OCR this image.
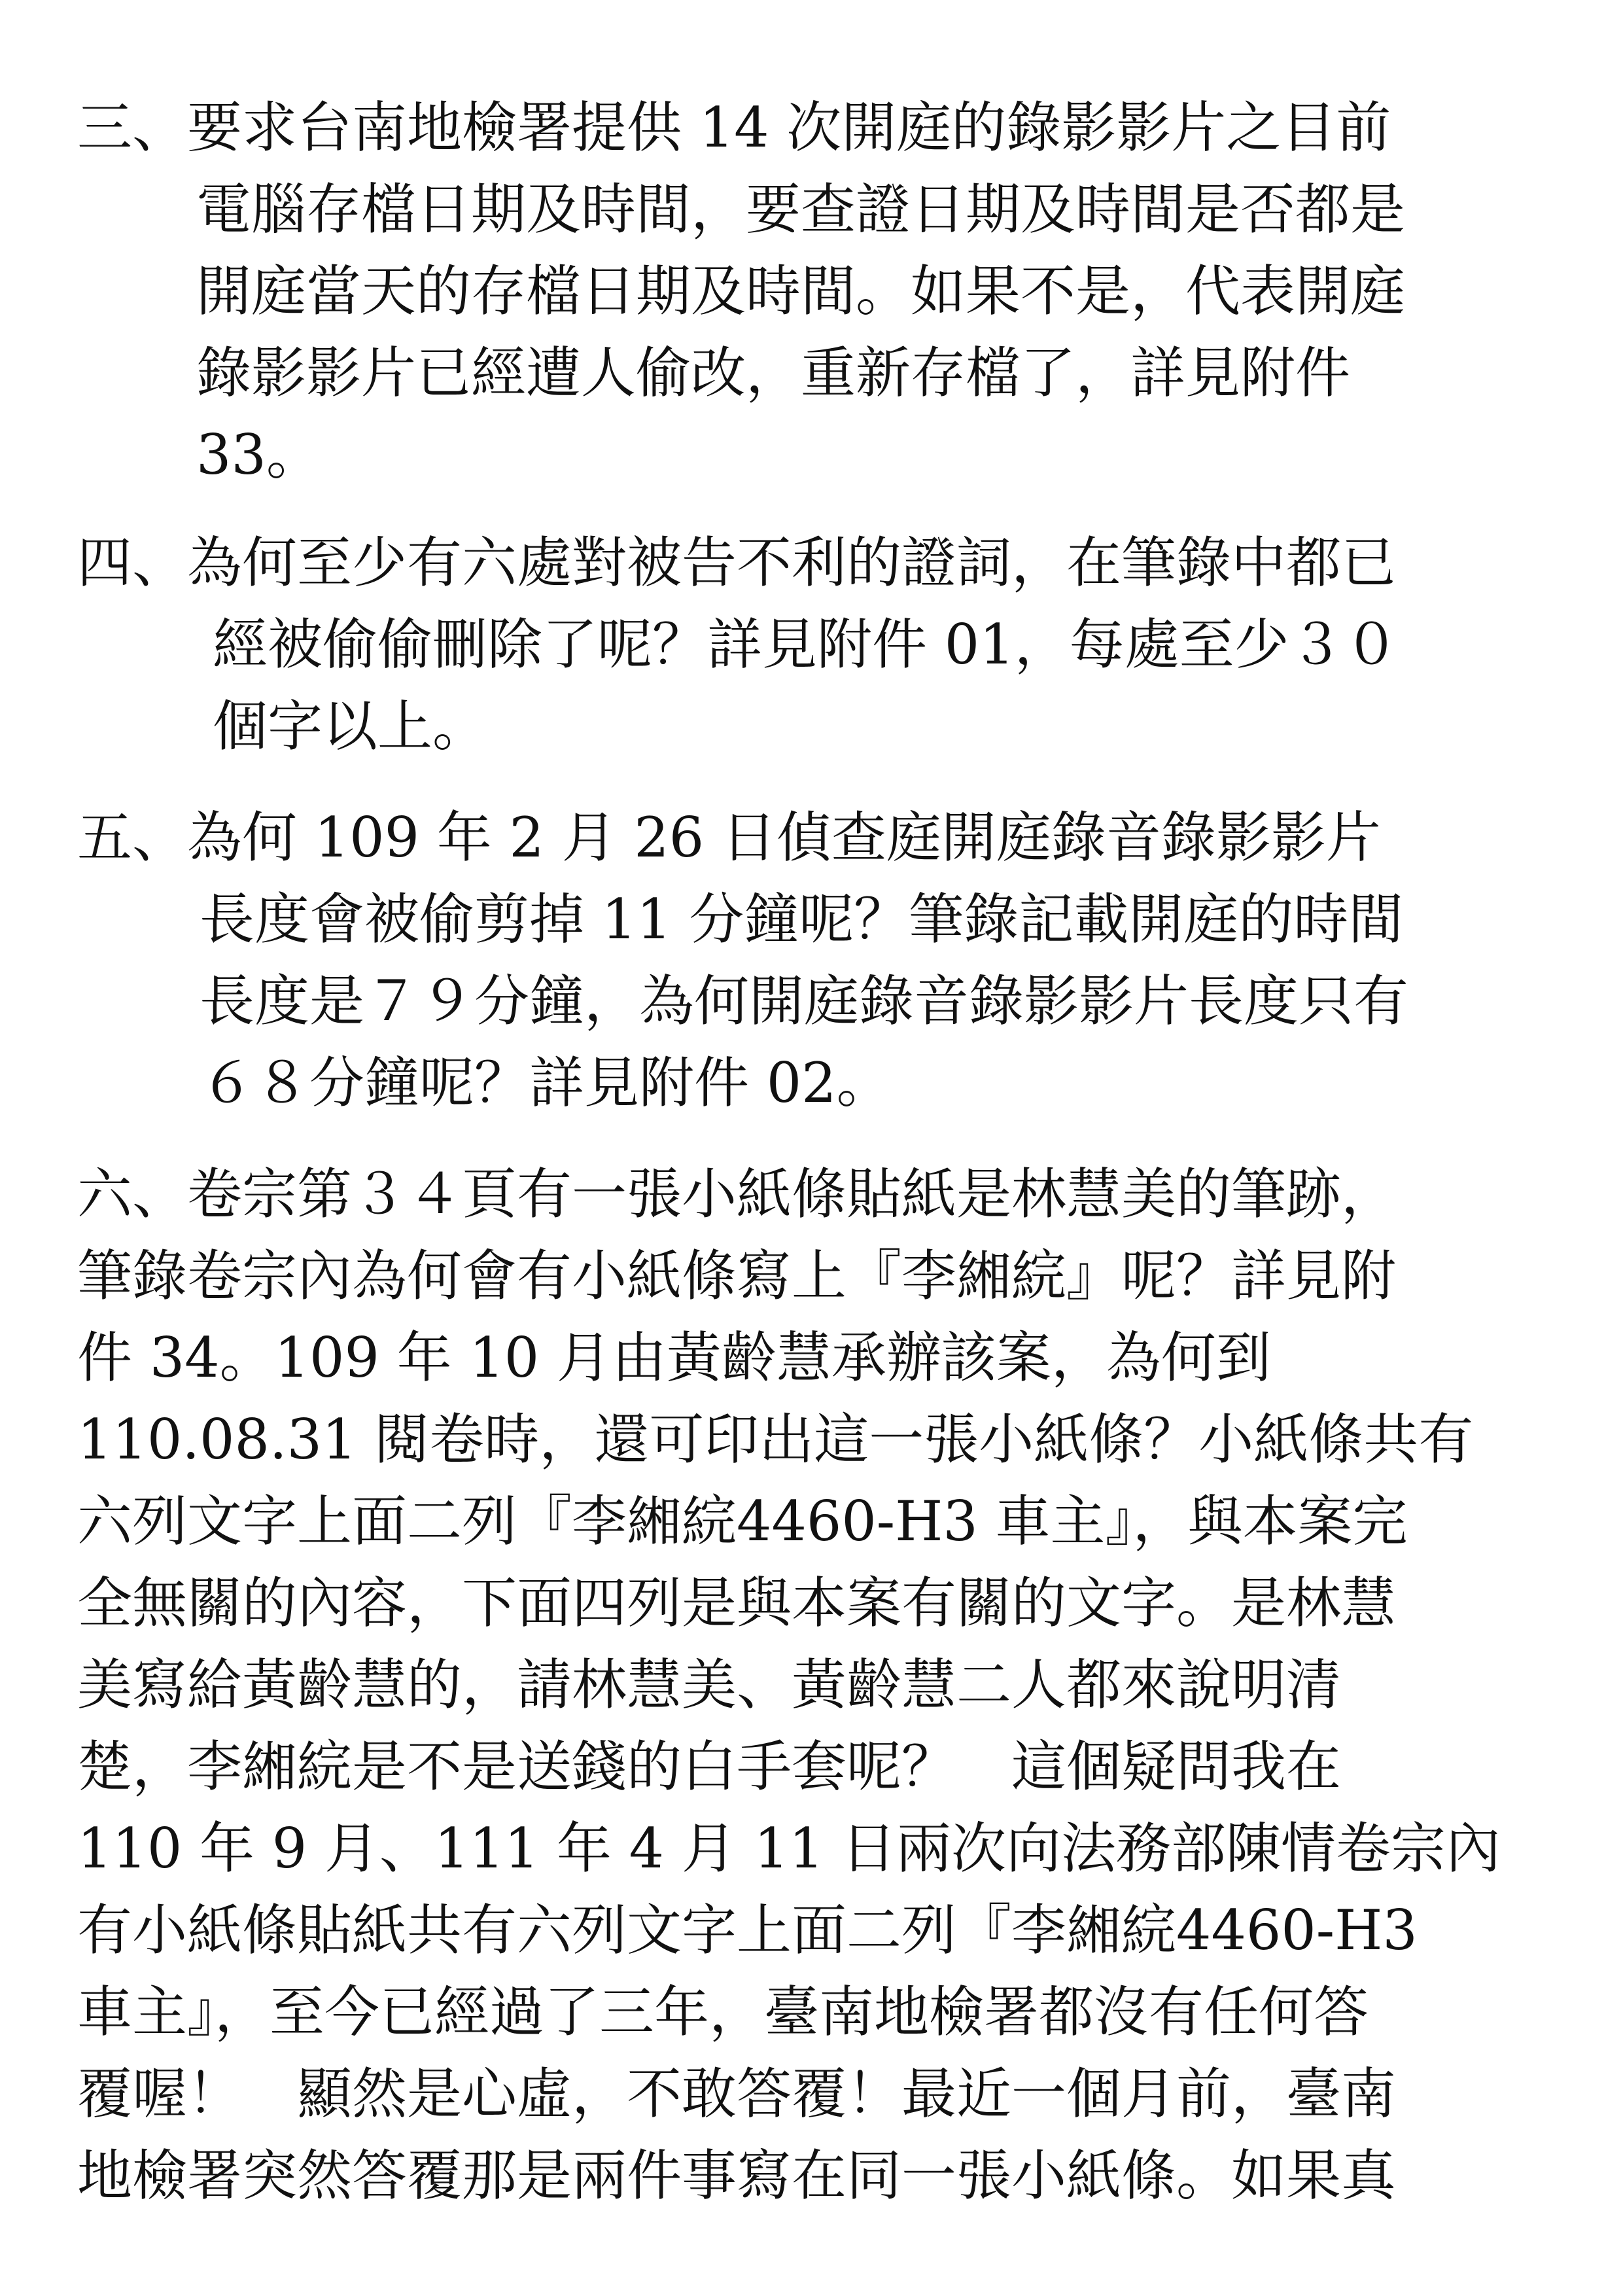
三、要求台南地檢署提供 14 次開庭的錄影影片之目前
電腦存檔日期及時間，要查證日期及時間是否都是
開庭當天的存檔日期及時間。如果不是，代表開庭
錄影影片已經遭人偷改，重新存檔了，詳見附件
33。
四、為何至少有六處對被告不利的證詞，在筆錄中都已
經被偷偷刪除了呢？詳見附件 01，每處至少３０
個字以上。
五、為何 109 年 2 月 26 日偵查庭開庭錄音錄影影片
長度會被偷剪掉 11 分鐘呢？筆錄記載開庭的時間
長度是７９分鐘，為何開庭錄音錄影影片長度只有
６８分鐘呢？詳見附件 02。
六、卷宗第３４頁有一張小紙條貼紙是林慧美的筆跡，
筆錄卷宗內為何會有小紙條寫上『李緗綄』呢？詳見附
件 34。109 年 10 月由黃齡慧承辦該案，為何到
110.08.31 閱卷時，還可印出這一張小紙條？小紙條共有
六列文字上面二列『李緗綄4460-H3 車主』，與本案完
全無關的內容，下面四列是與本案有關的文字。是林慧
美寫給黃齡慧的，請林慧美、黃齡慧二人都來說明清
楚，李緗綄是不是送錢的白手套呢？　這個疑問我在
110 年 9 月、111 年 4 月 11 日兩次向法務部陳情卷宗內
有小紙條貼紙共有六列文字上面二列『李緗綄4460-H3
車主』，至今已經過了三年，臺南地檢署都沒有任何答
覆喔！　顯然是心虛，不敢答覆！最近一個月前，臺南
地檢署突然答覆那是兩件事寫在同一張小紙條。如果真
